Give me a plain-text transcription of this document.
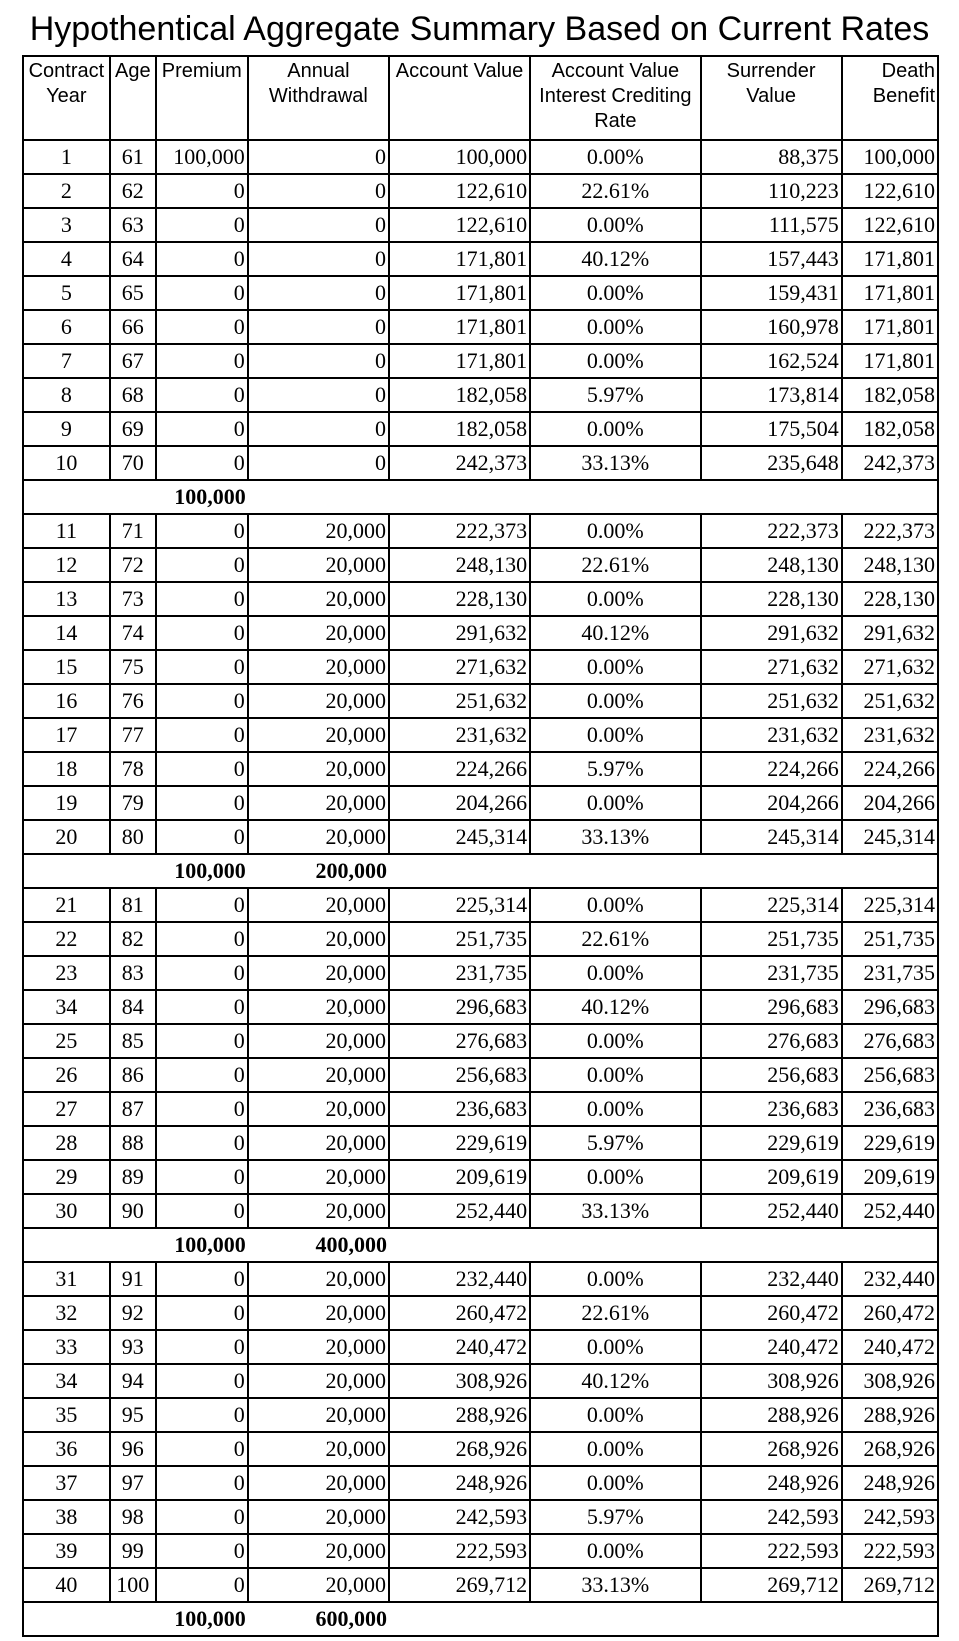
Hypothentical Aggregate Summary Based on Current Rates
Contract Year	Age	Premium	Annual Withdrawal	Account Value	Account Value Interest Crediting Rate	Surrender Value	Death Benefit
1	61	100,000	0	100,000	0.00%	88,375	100,000
2	62	0	0	122,610	22.61%	110,223	122,610
3	63	0	0	122,610	0.00%	111,575	122,610
4	64	0	0	171,801	40.12%	157,443	171,801
5	65	0	0	171,801	0.00%	159,431	171,801
6	66	0	0	171,801	0.00%	160,978	171,801
7	67	0	0	171,801	0.00%	162,524	171,801
8	68	0	0	182,058	5.97%	173,814	182,058
9	69	0	0	182,058	0.00%	175,504	182,058
10	70	0	0	242,373	33.13%	235,648	242,373
		100,000					
11	71	0	20,000	222,373	0.00%	222,373	222,373
12	72	0	20,000	248,130	22.61%	248,130	248,130
13	73	0	20,000	228,130	0.00%	228,130	228,130
14	74	0	20,000	291,632	40.12%	291,632	291,632
15	75	0	20,000	271,632	0.00%	271,632	271,632
16	76	0	20,000	251,632	0.00%	251,632	251,632
17	77	0	20,000	231,632	0.00%	231,632	231,632
18	78	0	20,000	224,266	5.97%	224,266	224,266
19	79	0	20,000	204,266	0.00%	204,266	204,266
20	80	0	20,000	245,314	33.13%	245,314	245,314
		100,000	200,000				
21	81	0	20,000	225,314	0.00%	225,314	225,314
22	82	0	20,000	251,735	22.61%	251,735	251,735
23	83	0	20,000	231,735	0.00%	231,735	231,735
34	84	0	20,000	296,683	40.12%	296,683	296,683
25	85	0	20,000	276,683	0.00%	276,683	276,683
26	86	0	20,000	256,683	0.00%	256,683	256,683
27	87	0	20,000	236,683	0.00%	236,683	236,683
28	88	0	20,000	229,619	5.97%	229,619	229,619
29	89	0	20,000	209,619	0.00%	209,619	209,619
30	90	0	20,000	252,440	33.13%	252,440	252,440
		100,000	400,000				
31	91	0	20,000	232,440	0.00%	232,440	232,440
32	92	0	20,000	260,472	22.61%	260,472	260,472
33	93	0	20,000	240,472	0.00%	240,472	240,472
34	94	0	20,000	308,926	40.12%	308,926	308,926
35	95	0	20,000	288,926	0.00%	288,926	288,926
36	96	0	20,000	268,926	0.00%	268,926	268,926
37	97	0	20,000	248,926	0.00%	248,926	248,926
38	98	0	20,000	242,593	5.97%	242,593	242,593
39	99	0	20,000	222,593	0.00%	222,593	222,593
40	100	0	20,000	269,712	33.13%	269,712	269,712
		100,000	600,000				
